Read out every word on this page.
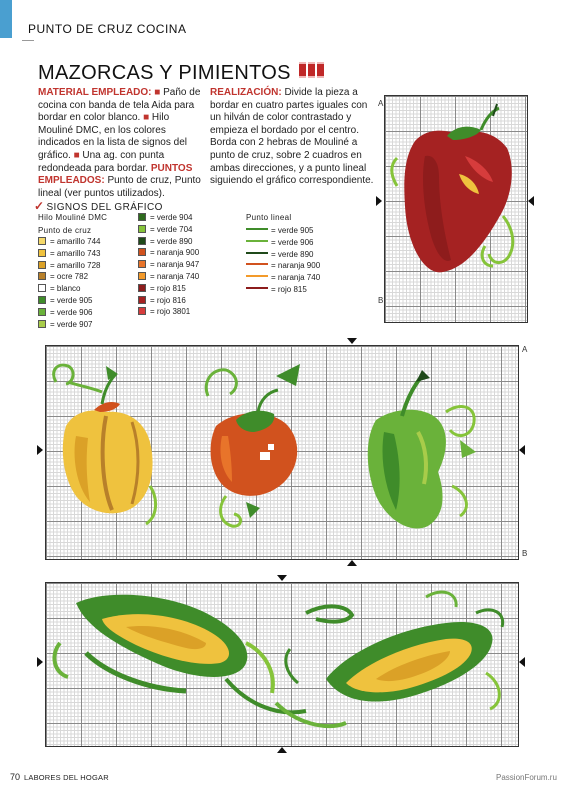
PUNTO DE CRUZ COCINA
MAZORCAS Y PIMIENTOS
MATERIAL EMPLEADO: ■ Paño de cocina con banda de tela Aida para bordar en color blanco. ■ Hilo Mouliné DMC, en los colores indicados en la lista de signos del gráfico. ■ Una ag. con punta redondeada para bordar. PUNTOS EMPLEADOS: Punto de cruz, Punto lineal (ver puntos utilizados).
REALIZACIÓN: Divide la pieza a bordar en cuatro partes iguales con un hilván de color contrastado y empieza el bordado por el centro. Borda con 2 hebras de Mouliné a punto de cruz, sobre 2 cuadros en ambas direcciones, y a punto lineal siguiendo el gráfico correspondiente.
✓ SIGNOS DEL GRÁFICO
Hilo Mouliné DMC
Punto de cruz
Punto lineal
= amarillo 744
= amarillo 743
= amarillo 728
= ocre 782
= blanco
= verde 905
= verde 906
= verde 907
= verde 904
= verde 704
= verde 890
= naranja 900
= naranja 947
= naranja 740
= rojo 815
= rojo 816
= rojo 3801
= verde 905
= verde 906
= verde 890
= naranja 900
= naranja 740
= rojo 815
A
B
A
B
70 LABORES DEL HOGAR	PassionForum.ru
